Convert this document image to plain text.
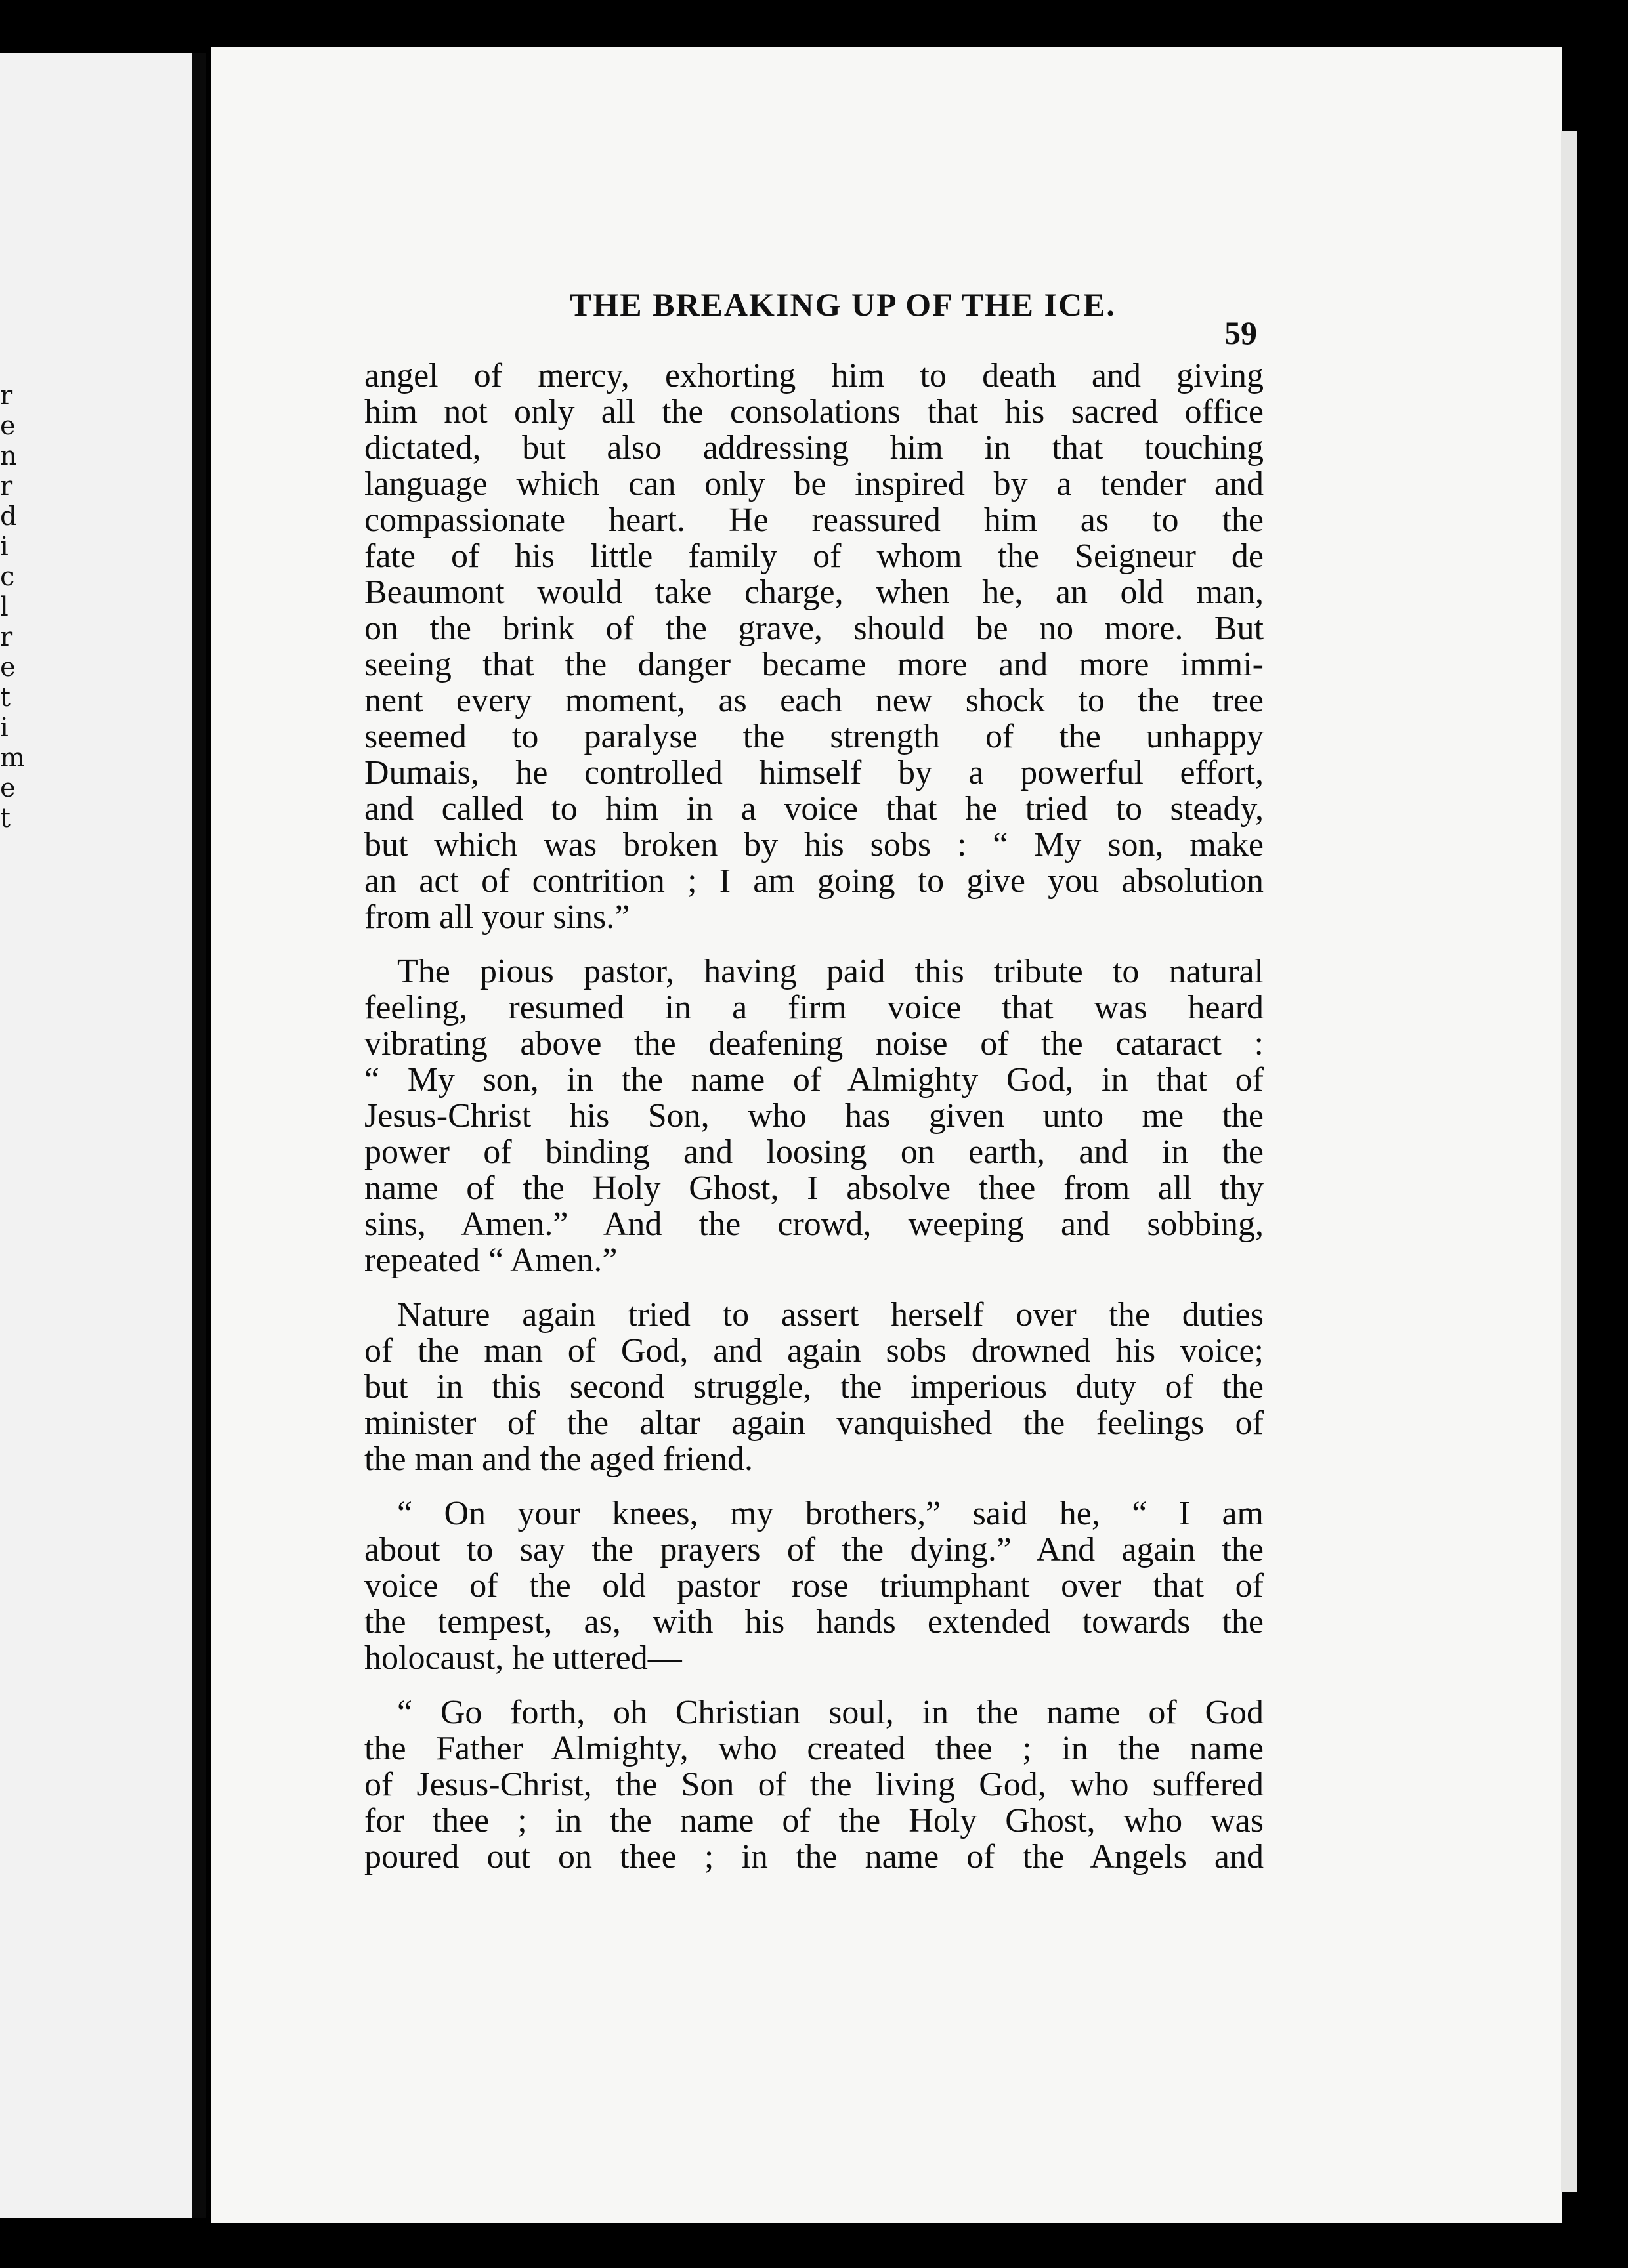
r
e
n
r
d
i
c
l
r
e
t
i
m
e
t
THE BREAKING UP OF THE ICE.
59
angel of mercy, exhorting him to death and giving
him not only all the consolations that his sacred office
dictated, but also addressing him in that touching
language which can only be inspired by a tender and
compassionate heart. He reassured him as to the
fate of his little family of whom the Seigneur de
Beaumont would take charge, when he, an old man,
on the brink of the grave, should be no more. But
seeing that the danger became more and more immi-
nent every moment, as each new shock to the tree
seemed to paralyse the strength of the unhappy
Dumais, he controlled himself by a powerful effort,
and called to him in a voice that he tried to steady,
but which was broken by his sobs : “ My son, make
an act of contrition ; I am going to give you absolution
from all your sins.”
The pious pastor, having paid this tribute to natural
feeling, resumed in a firm voice that was heard
vibrating above the deafening noise of the cataract :
“ My son, in the name of Almighty God, in that of
Jesus-Christ his Son, who has given unto me the
power of binding and loosing on earth, and in the
name of the Holy Ghost, I absolve thee from all thy
sins, Amen.” And the crowd, weeping and sobbing,
repeated “ Amen.”
Nature again tried to assert herself over the duties
of the man of God, and again sobs drowned his voice;
but in this second struggle, the imperious duty of the
minister of the altar again vanquished the feelings of
the man and the aged friend.
“ On your knees, my brothers,” said he, “ I am
about to say the prayers of the dying.” And again the
voice of the old pastor rose triumphant over that of
the tempest, as, with his hands extended towards the
holocaust, he uttered—
“ Go forth, oh Christian soul, in the name of God
the Father Almighty, who created thee ; in the name
of Jesus-Christ, the Son of the living God, who suffered
for thee ; in the name of the Holy Ghost, who was
poured out on thee ; in the name of the Angels and
